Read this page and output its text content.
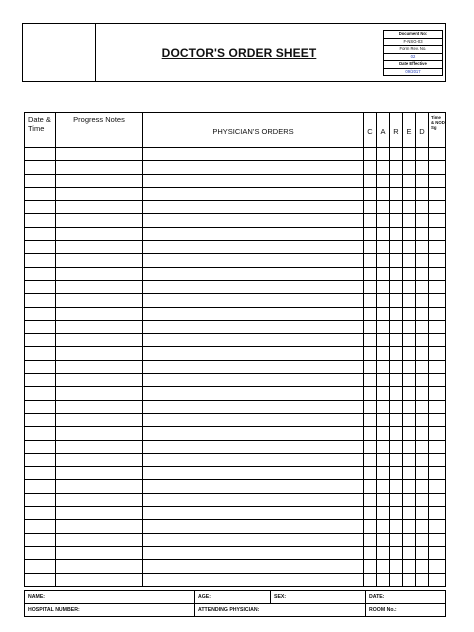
DOCTOR'S ORDER SHEET
Document No:
F-NSG-03
Form Rev. No.
02
Date Effective
09/2017
Date & Time	Progress Notes	PHYSICIAN’S ORDERS	C	A	R	E	D	Time & NOD Sg

NAME:	AGE:	SEX:	DATE:
HOSPITAL NUMBER:	ATTENDING PHYSICIAN:		ROOM No.:
